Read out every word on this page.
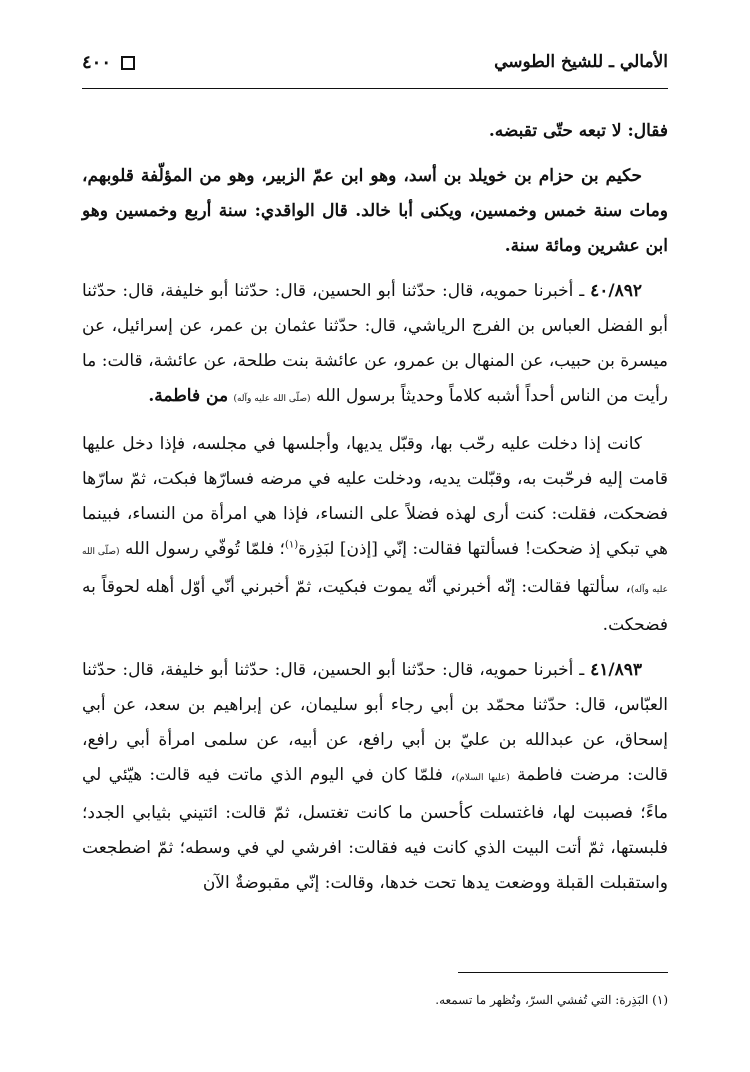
الأمالي ـ للشيخ الطوسي
٤٠٠

فقال: لا تبعه حتّى تقبضه.

حكيم بن حزام بن خويلد بن أسد، وهو ابن عمّ الزبير، وهو من المؤلّفة قلوبهم، ومات سنة خمس وخمسين، ويكنى أبا خالد. قال الواقدي: سنة أربع وخمسين وهو ابن عشرين ومائة سنة.

٤٠/٨٩٢ ـ أخبرنا حمويه، قال: حدّثنا أبو الحسين، قال: حدّثنا أبو خليفة، قال: حدّثنا أبو الفضل العباس بن الفرج الرياشي، قال: حدّثنا عثمان بن عمر، عن إسرائيل، عن ميسرة بن حبيب، عن المنهال بن عمرو، عن عائشة بنت طلحة، عن عائشة، قالت: ما رأيت من الناس أحداً أشبه كلاماً وحديثاً برسول الله (صلّى الله عليه وآله) من فاطمة.

كانت إذا دخلت عليه رحّب بها، وقبّل يديها، وأجلسها في مجلسه، فإذا دخل عليها قامت إليه فرحّبت به، وقبّلت يديه، ودخلت عليه في مرضه فسارّها فبكت، ثمّ سارّها فضحكت، فقلت: كنت أرى لهذه فضلاً على النساء، فإذا هي امرأة من النساء، فبينما هي تبكي إذ ضحكت! فسألتها فقالت: إنّي [إذن] لبَذِرة$^{(١)}$؛ فلمّا تُوفّي رسول الله (صلّى الله عليه وآله)، سألتها فقالت: إنّه أخبرني أنّه يموت فبكيت، ثمّ أخبرني أنّي أوّل أهله لحوقاً به فضحكت.

٤١/٨٩٣ ـ أخبرنا حمويه، قال: حدّثنا أبو الحسين، قال: حدّثنا أبو خليفة، قال: حدّثنا العبّاس، قال: حدّثنا محمّد بن أبي رجاء أبو سليمان، عن إبراهيم بن سعد، عن أبي إسحاق، عن عبدالله بن عليّ بن أبي رافع، عن أبيه، عن سلمى امرأة أبي رافع، قالت: مرضت فاطمة (عليها السلام)، فلمّا كان في اليوم الذي ماتت فيه قالت: هيّئي لي ماءً؛ فصببت لها، فاغتسلت كأحسن ما كانت تغتسل، ثمّ قالت: ائتيني بثيابي الجدد؛ فلبستها، ثمّ أتت البيت الذي كانت فيه فقالت: افرشي لي في وسطه؛ ثمّ اضطجعت واستقبلت القبلة ووضعت يدها تحت خدها، وقالت: إنّي مقبوضةٌ الآن

(١) البَذِرة: التي تُفشي السرّ، وتُظهر ما تسمعه.
